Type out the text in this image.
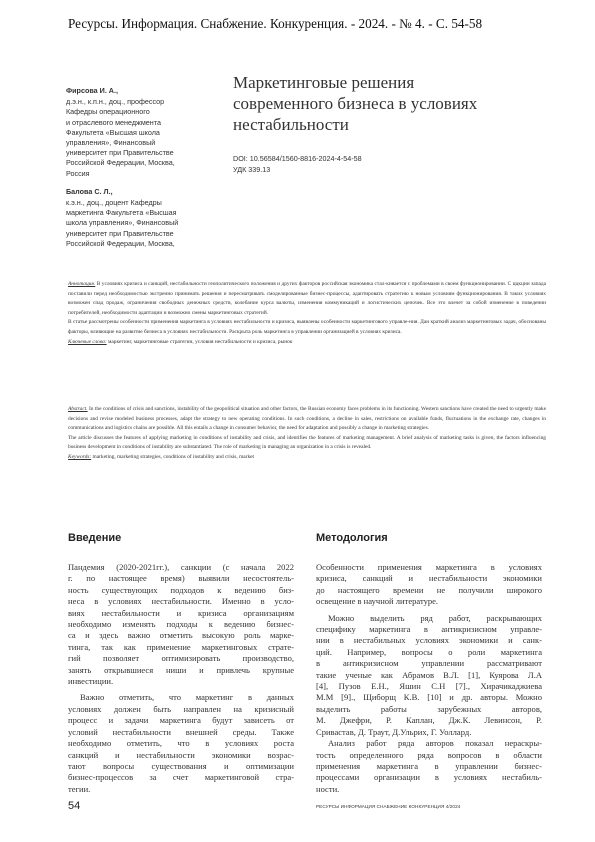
Ресурсы. Информация. Снабжение. Конкуренция. - 2024. - № 4. - С. 54-58
Фирсова И. А.,
д.э.н., к.п.н., доц., профессор
Кафедры операционного
и отраслевого менеджмента
Факультета «Высшая школа
управления», Финансовый
университет при Правительстве
Российской Федерации, Москва,
Россия
Балова С. Л.,
к.э.н., доц., доцент Кафедры
маркетинга Факультета «Высшая
школа управления», Финансовый
университет при Правительстве
Российской Федерации, Москва,
Маркетинговые решения
современного бизнеса в условиях
нестабильности
DOI: 10.56584/1560-8816-2024-4-54-58
УДК 339.13

Аннотация. В условиях кризиса и санкций, нестабильности геополитического положения и других факторов российская экономика стал-кивается с проблемами в своем функционировании. С ццкции запада поставили перед необходимостью экстренно принимать решения и пересматривать смоделированные бизнес-процессы, адаптировать стратегию к новым условиям функционирования. В таких условиях возможен спад продаж, ограничения свободных денежных средств, колебание курса валюты, изменения коммуникаций и логистических цепочек. Все это влечет за собой изменение в поведении потребителей, необходимости адаптации и возможно смены маркетинговых стратегий.

В статье рассмотрены особенности применения маркетинга в условиях нестабильности и кризиса, выявлены особенности маркетингового управле-ния. Дан краткий анализ маркетинговых задач, обоснованы факторы, влияющие на развитие бизнеса в условиях нестабильности. Раскрыта роль маркетинга в управлении организацией в условиях кризиса.

Ключевые слова: маркетинг, маркетинговые стратегии, условия нестабильности и кризиса, рынок

Abstract. In the conditions of crisis and sanctions, instability of the geopolitical situation and other factors, the Russian economy faces problems in its functioning. Western sanctions have created the need to urgently make decisions and revise modeled business processes, adapt the strategy to new operating conditions. In such conditions, a decline in sales, restrictions on available funds, fluctuations in the exchange rate, changes in communications and logistics chains are possible. All this entails a change in consumer behavior, the need for adaptation and possibly a change in marketing strategies.

The article discusses the features of applying marketing in conditions of instability and crisis, and identifies the features of marketing management. A brief analysis of marketing tasks is given, the factors influencing business development in conditions of instability are substantiated. The role of marketing in managing an organization in a crisis is revealed.

Keywords: marketing, marketing strategies, conditions of instability and crisis, market

Введение
Пандемия (2020-2021гг.), санкции (с начала 2022
г. по настоящее время) выявили несостоятель-
ность существующих подходов к ведению биз-
неса в условиях нестабильности. Именно в усло-
виях нестабильности и кризиса организациям
необходимо изменять подходы к ведению бизнес-
са и здесь важно отметить высокую роль марке-
тинга, так как применение маркетинговых страте-
гий позволяет оптимизировать производство,
занять открывшиеся ниши и привлечь крупные
инвестиции.
Важно отметить, что маркетинг в данных
условиях должен быть направлен на кризисный
процесс и задачи маркетинга будут зависеть от
условий нестабильности внешней среды. Также
необходимо отметить, что в условиях роста
санкций и нестабильности экономики возрас-
тают вопросы существования и оптимизации
бизнес-процессов за счет маркетинговой стра-
тегии.
Методология
Особенности применения маркетинга в условиях
кризиса, санкций и нестабильности экономики
до настоящего времени не получили широкого
освещение в научной литературе.
Можно выделить ряд работ, раскрывающих
специфику маркетинга в антикризисном управле-
нии в нестабильных условиях экономики и санк-
ций. Например, вопросы о роли маркетинга
в антикризисном управлении рассматривают
такие ученые как Абрамов В.Л. [1], Куярова Л.А
[4], Пузов Е.Н., Яшин С.Н [7]., Хирачикаджиева
М.М [9]., Щиборщ К.В. [10] и др. авторы. Можно
выделить работы зарубежных авторов,
М. Джефри, Р. Каплан, Дж.К. Левинсон, Р.
Сривастав, Д. Траут, Д.Ульрих, Г. Уоллард.
Анализ работ ряда авторов показал нераскры-
тость определенного ряда вопросов в области
применения маркетинга в управлении бизнес-
процессами организации в условиях нестабиль-
ности.
54	РЕСУРСЫ ИНФОРМАЦИЯ СНАБЖЕНИЕ КОНКУРЕНЦИЯ 4/2024
